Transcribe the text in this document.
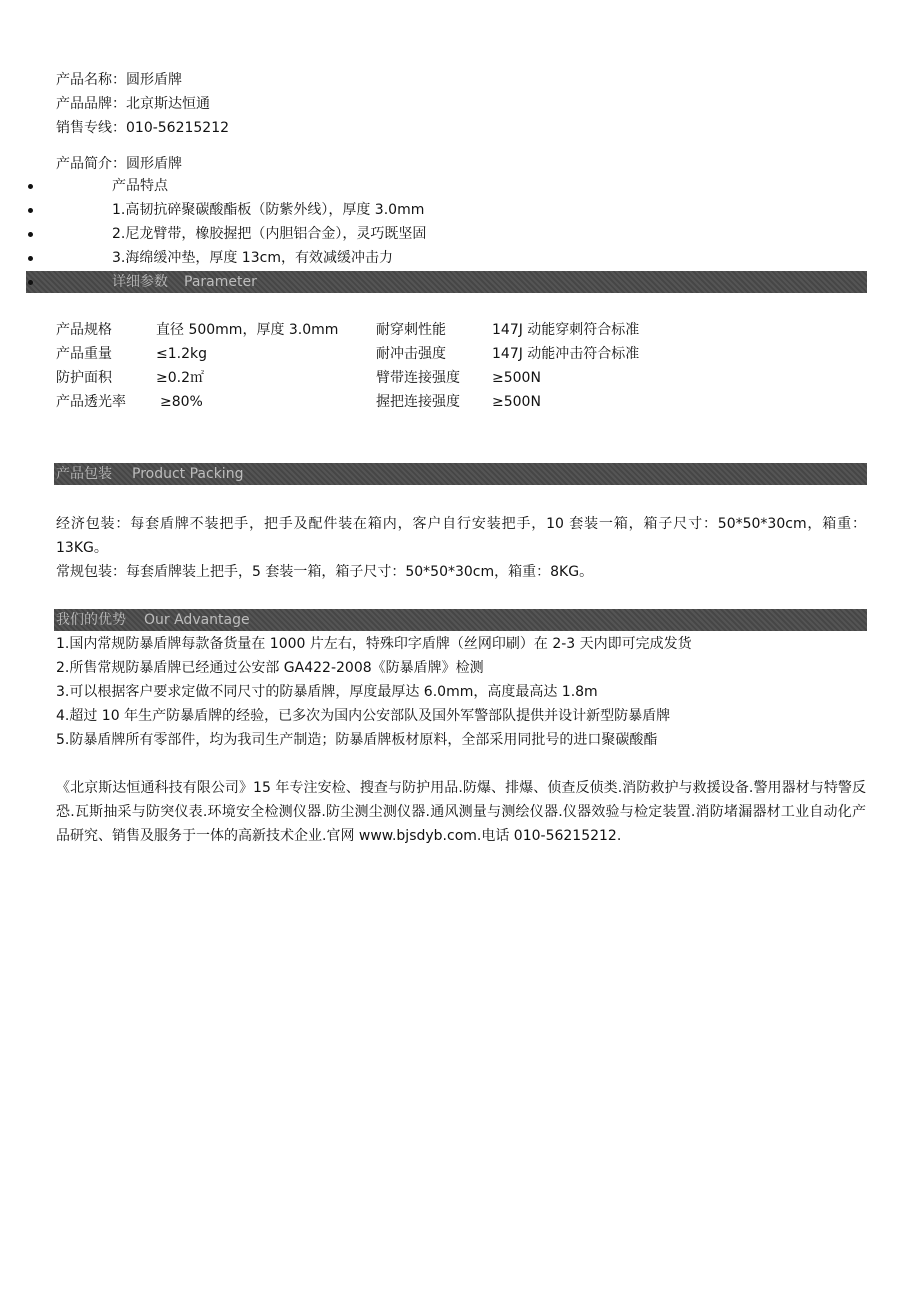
产品名称：圆形盾牌
产品品牌：北京斯达恒通
销售专线：010-56215212
产品简介：圆形盾牌
产品特点
1.高韧抗碎聚碳酸酯板（防紫外线），厚度 3.0mm
2.尼龙臂带，橡胶握把（内胆铝合金），灵巧既坚固
3.海绵缓冲垫，厚度 13cm，有效减缓冲击力
详细参数 Parameter
产品规格	直径 500mm，厚度 3.0mm	耐穿刺性能	147J 动能穿刺符合标准
产品重量	≤1.2kg	耐冲击强度	147J 动能冲击符合标准
防护面积	≥0.2㎡	臂带连接强度 ≥500N
产品透光率 ≥80%	握把连接强度 ≥500N
产品包装 Product Packing
经济包装：每套盾牌不装把手，把手及配件装在箱内，客户自行安装把手，10 套装一箱，箱子尺寸：50*50*30cm，箱重：13KG。
常规包装：每套盾牌装上把手，5 套装一箱，箱子尺寸：50*50*30cm，箱重：8KG。
我们的优势 Our Advantage
1.国内常规防暴盾牌每款备货量在 1000 片左右，特殊印字盾牌（丝网印刷）在 2-3 天内即可完成发货
2.所售常规防暴盾牌已经通过公安部 GA422-2008《防暴盾牌》检测
3.可以根据客户要求定做不同尺寸的防暴盾牌，厚度最厚达 6.0mm，高度最高达 1.8m
4.超过 10 年生产防暴盾牌的经验，已多次为国内公安部队及国外军警部队提供并设计新型防暴盾牌
5.防暴盾牌所有零部件，均为我司生产制造；防暴盾牌板材原料，全部采用同批号的进口聚碳酸酯
《北京斯达恒通科技有限公司》15 年专注安检、搜查与防护用品.防爆、排爆、侦查反侦类.消防救护与救援设备.警用器材与特警反恐.瓦斯抽采与防突仪表.环境安全检测仪器.防尘测尘测仪器.通风测量与测绘仪器.仪器效验与检定装置.消防堵漏器材工业自动化产品研究、销售及服务于一体的高新技术企业.官网 www.bjsdyb.com.电话 010-56215212.
